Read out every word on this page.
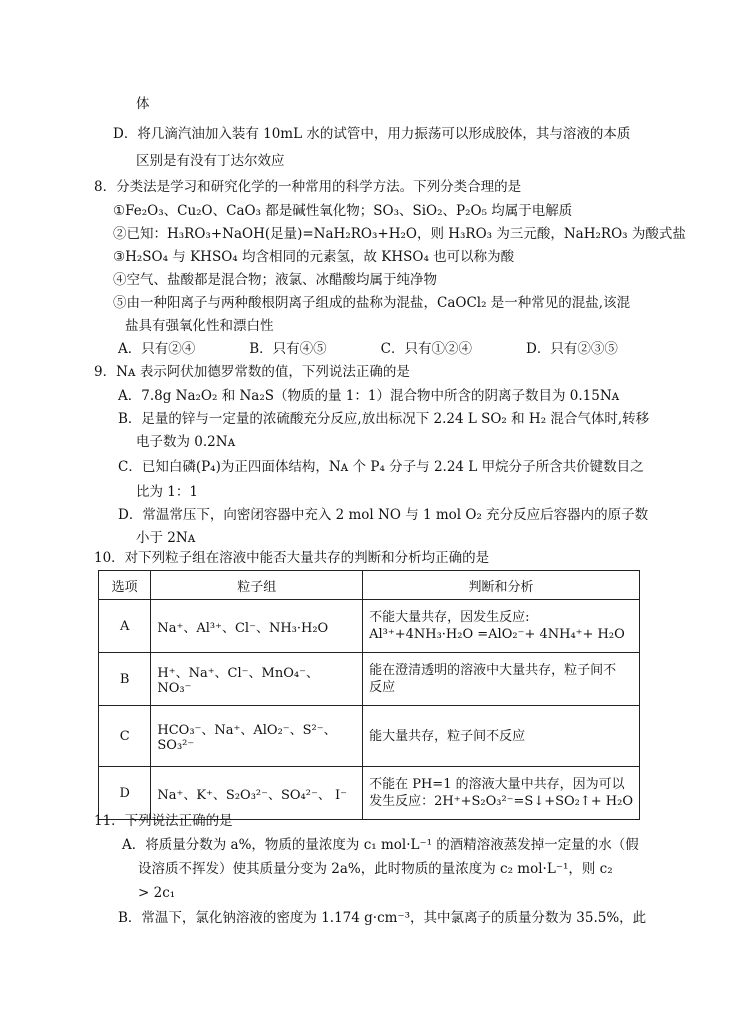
体
D．将几滴汽油加入装有 10mL 水的试管中，用力振荡可以形成胶体，其与溶液的本质
区别是有没有丁达尔效应
8．分类法是学习和研究化学的一种常用的科学方法。下列分类合理的是
①Fe₂O₃、Cu₂O、CaO₃ 都是碱性氧化物；SO₃、SiO₂、P₂O₅ 均属于电解质
②已知：H₃RO₃+NaOH(足量)=NaH₂RO₃+H₂O，则 H₃RO₃ 为三元酸，NaH₂RO₃ 为酸式盐
③H₂SO₄ 与 KHSO₄ 均含相同的元素氢，故 KHSO₄ 也可以称为酸
④空气、盐酸都是混合物；液氯、冰醋酸均属于纯净物
⑤由一种阳离子与两种酸根阴离子组成的盐称为混盐，CaOCl₂ 是一种常见的混盐,该混
盐具有强氧化性和漂白性
A．只有②④　　　　B．只有④⑤　　　　C．只有①②④　　　　D．只有②③⑤
9．Nᴀ 表示阿伏加德罗常数的值，下列说法正确的是
A．7.8g Na₂O₂ 和 Na₂S（物质的量 1：1）混合物中所含的阴离子数目为 0.15Nᴀ
B．足量的锌与一定量的浓硫酸充分反应,放出标况下 2.24 L SO₂ 和 H₂ 混合气体时,转移
电子数为 0.2Nᴀ
C．已知白磷(P₄)为正四面体结构，Nᴀ 个 P₄ 分子与 2.24 L 甲烷分子所含共价键数目之
比为 1：1
D．常温常压下，向密闭容器中充入 2 mol NO 与 1 mol O₂ 充分反应后容器内的原子数
小于 2Nᴀ
10．对下列粒子组在溶液中能否大量共存的判断和分析均正确的是
选项	粒子组	判断和分析
A	Na⁺、Al³⁺、Cl⁻、NH₃·H₂O	不能大量共存，因发生反应:
Al³⁺+4NH₃·H₂O =AlO₂⁻+ 4NH₄⁺+ H₂O

B	H⁺、Na⁺、Cl⁻、MnO₄⁻、 NO₃⁻	能在澄清透明的溶液中大量共存，粒子间不
反应

C	HCO₃⁻、Na⁺、AlO₂⁻、S²⁻、SO₃²⁻	能大量共存，粒子间不反应

D	Na⁺、K⁺、S₂O₃²⁻、SO₄²⁻、 I⁻	不能在 PH=1 的溶液大量中共存，因为可以
发生反应：2H⁺+S₂O₃²⁻=S↓+SO₂↑+ H₂O
11．下列说法正确的是
A．将质量分数为 a%，物质的量浓度为 c₁ mol·L⁻¹ 的酒精溶液蒸发掉一定量的水（假
设溶质不挥发）使其质量分变为 2a%，此时物质的量浓度为 c₂ mol·L⁻¹，则 c₂
> 2c₁
B．常温下，氯化钠溶液的密度为 1.174 g·cm⁻³，其中氯离子的质量分数为 35.5%，此
